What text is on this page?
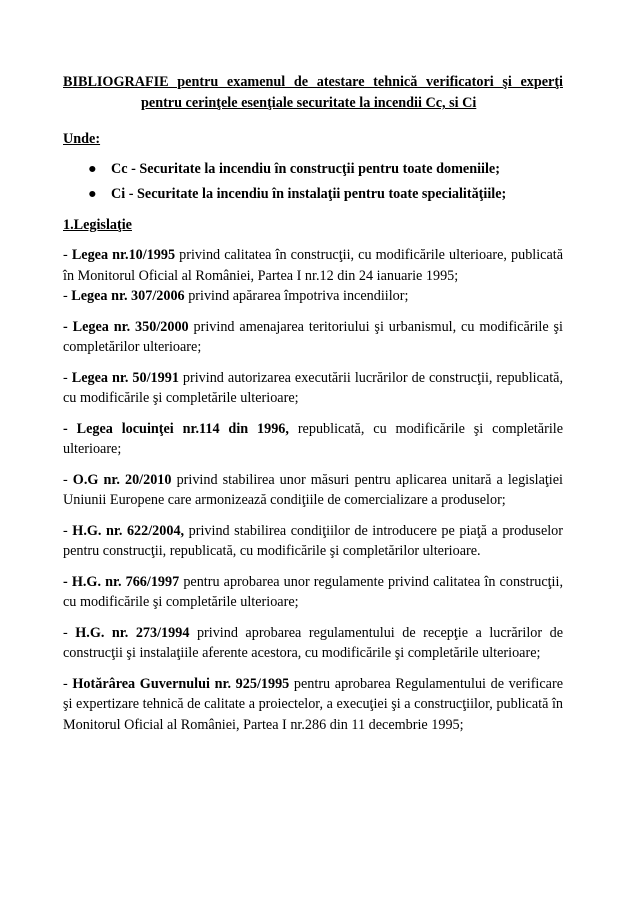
BIBLIOGRAFIE pentru examenul de atestare tehnică verificatori şi experţi
pentru cerinţele esenţiale securitate la incendii Cc, si Ci

Unde:

● Cc - Securitate la incendiu în construcţii pentru toate domeniile;
● Ci - Securitate la incendiu în instalaţii pentru toate specialităţiile;

1.Legislaţie

- Legea nr.10/1995 privind calitatea în construcţii, cu modificările ulterioare, publicată în Monitorul Oficial al României, Partea I nr.12 din 24 ianuarie 1995;

- Legea nr. 307/2006 privind apărarea împotriva incendiilor;

- Legea nr. 350/2000 privind amenajarea teritoriului şi urbanismul, cu modificările şi completărilor ulterioare;

- Legea nr. 50/1991 privind autorizarea executării lucrărilor de construcţii, republicată, cu modificările şi completările ulterioare;

- Legea locuinţei nr.114 din 1996, republicată, cu modificările şi completările ulterioare;

- O.G nr. 20/2010 privind stabilirea unor măsuri pentru aplicarea unitară a legislaţiei Uniunii Europene care armonizează condiţiile de comercializare a produselor;

- H.G. nr. 622/2004, privind stabilirea condiţiilor de introducere pe piaţă a produselor pentru construcţii, republicată, cu modificările şi completărilor ulterioare.

- H.G. nr. 766/1997 pentru aprobarea unor regulamente privind calitatea în construcţii, cu modificările şi completările ulterioare;

- H.G. nr. 273/1994 privind aprobarea regulamentului de recepţie a lucrărilor de construcţii şi instalaţiile aferente acestora, cu modificările şi completările ulterioare;

- Hotărârea Guvernului nr. 925/1995 pentru aprobarea Regulamentului de verificare şi expertizare tehnică de calitate a proiectelor, a execuţiei şi a construcţiilor, publicată în Monitorul Oficial al României, Partea I nr.286 din 11 decembrie 1995;
